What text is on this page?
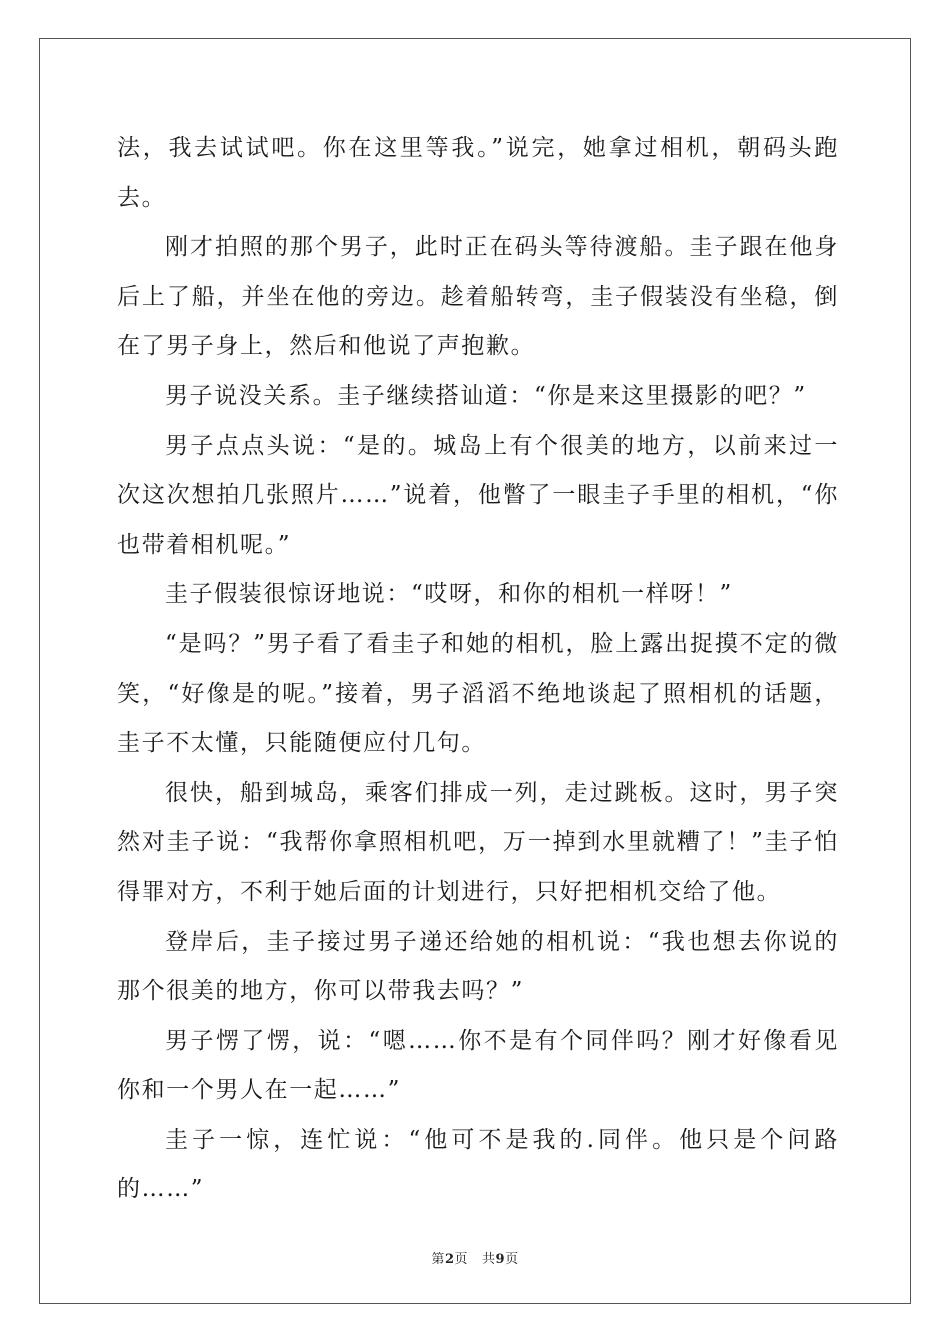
法，我去试试吧。你在这里等我。”说完，她拿过相机，朝码头跑去。

刚才拍照的那个男子，此时正在码头等待渡船。圭子跟在他身后上了船，并坐在他的旁边。趁着船转弯，圭子假装没有坐稳，倒在了男子身上，然后和他说了声抱歉。

男子说没关系。圭子继续搭讪道：“你是来这里摄影的吧？”

男子点点头说：“是的。城岛上有个很美的地方，以前来过一次这次想拍几张照片……”说着，他瞥了一眼圭子手里的相机，“你也带着相机呢。”

圭子假装很惊讶地说：“哎呀，和你的相机一样呀！”

“是吗？”男子看了看圭子和她的相机，脸上露出捉摸不定的微笑，“好像是的呢。”接着，男子滔滔不绝地谈起了照相机的话题，圭子不太懂，只能随便应付几句。

很快，船到城岛，乘客们排成一列，走过跳板。这时，男子突然对圭子说：“我帮你拿照相机吧，万一掉到水里就糟了！”圭子怕得罪对方，不利于她后面的计划进行，只好把相机交给了他。

登岸后，圭子接过男子递还给她的相机说：“我也想去你说的那个很美的地方，你可以带我去吗？”

男子愣了愣，说：“嗯……你不是有个同伴吗？刚才好像看见你和一个男人在一起……”

圭子一惊，连忙说：“他可不是我的.同伴。他只是个问路的……”

第2页 共9页
